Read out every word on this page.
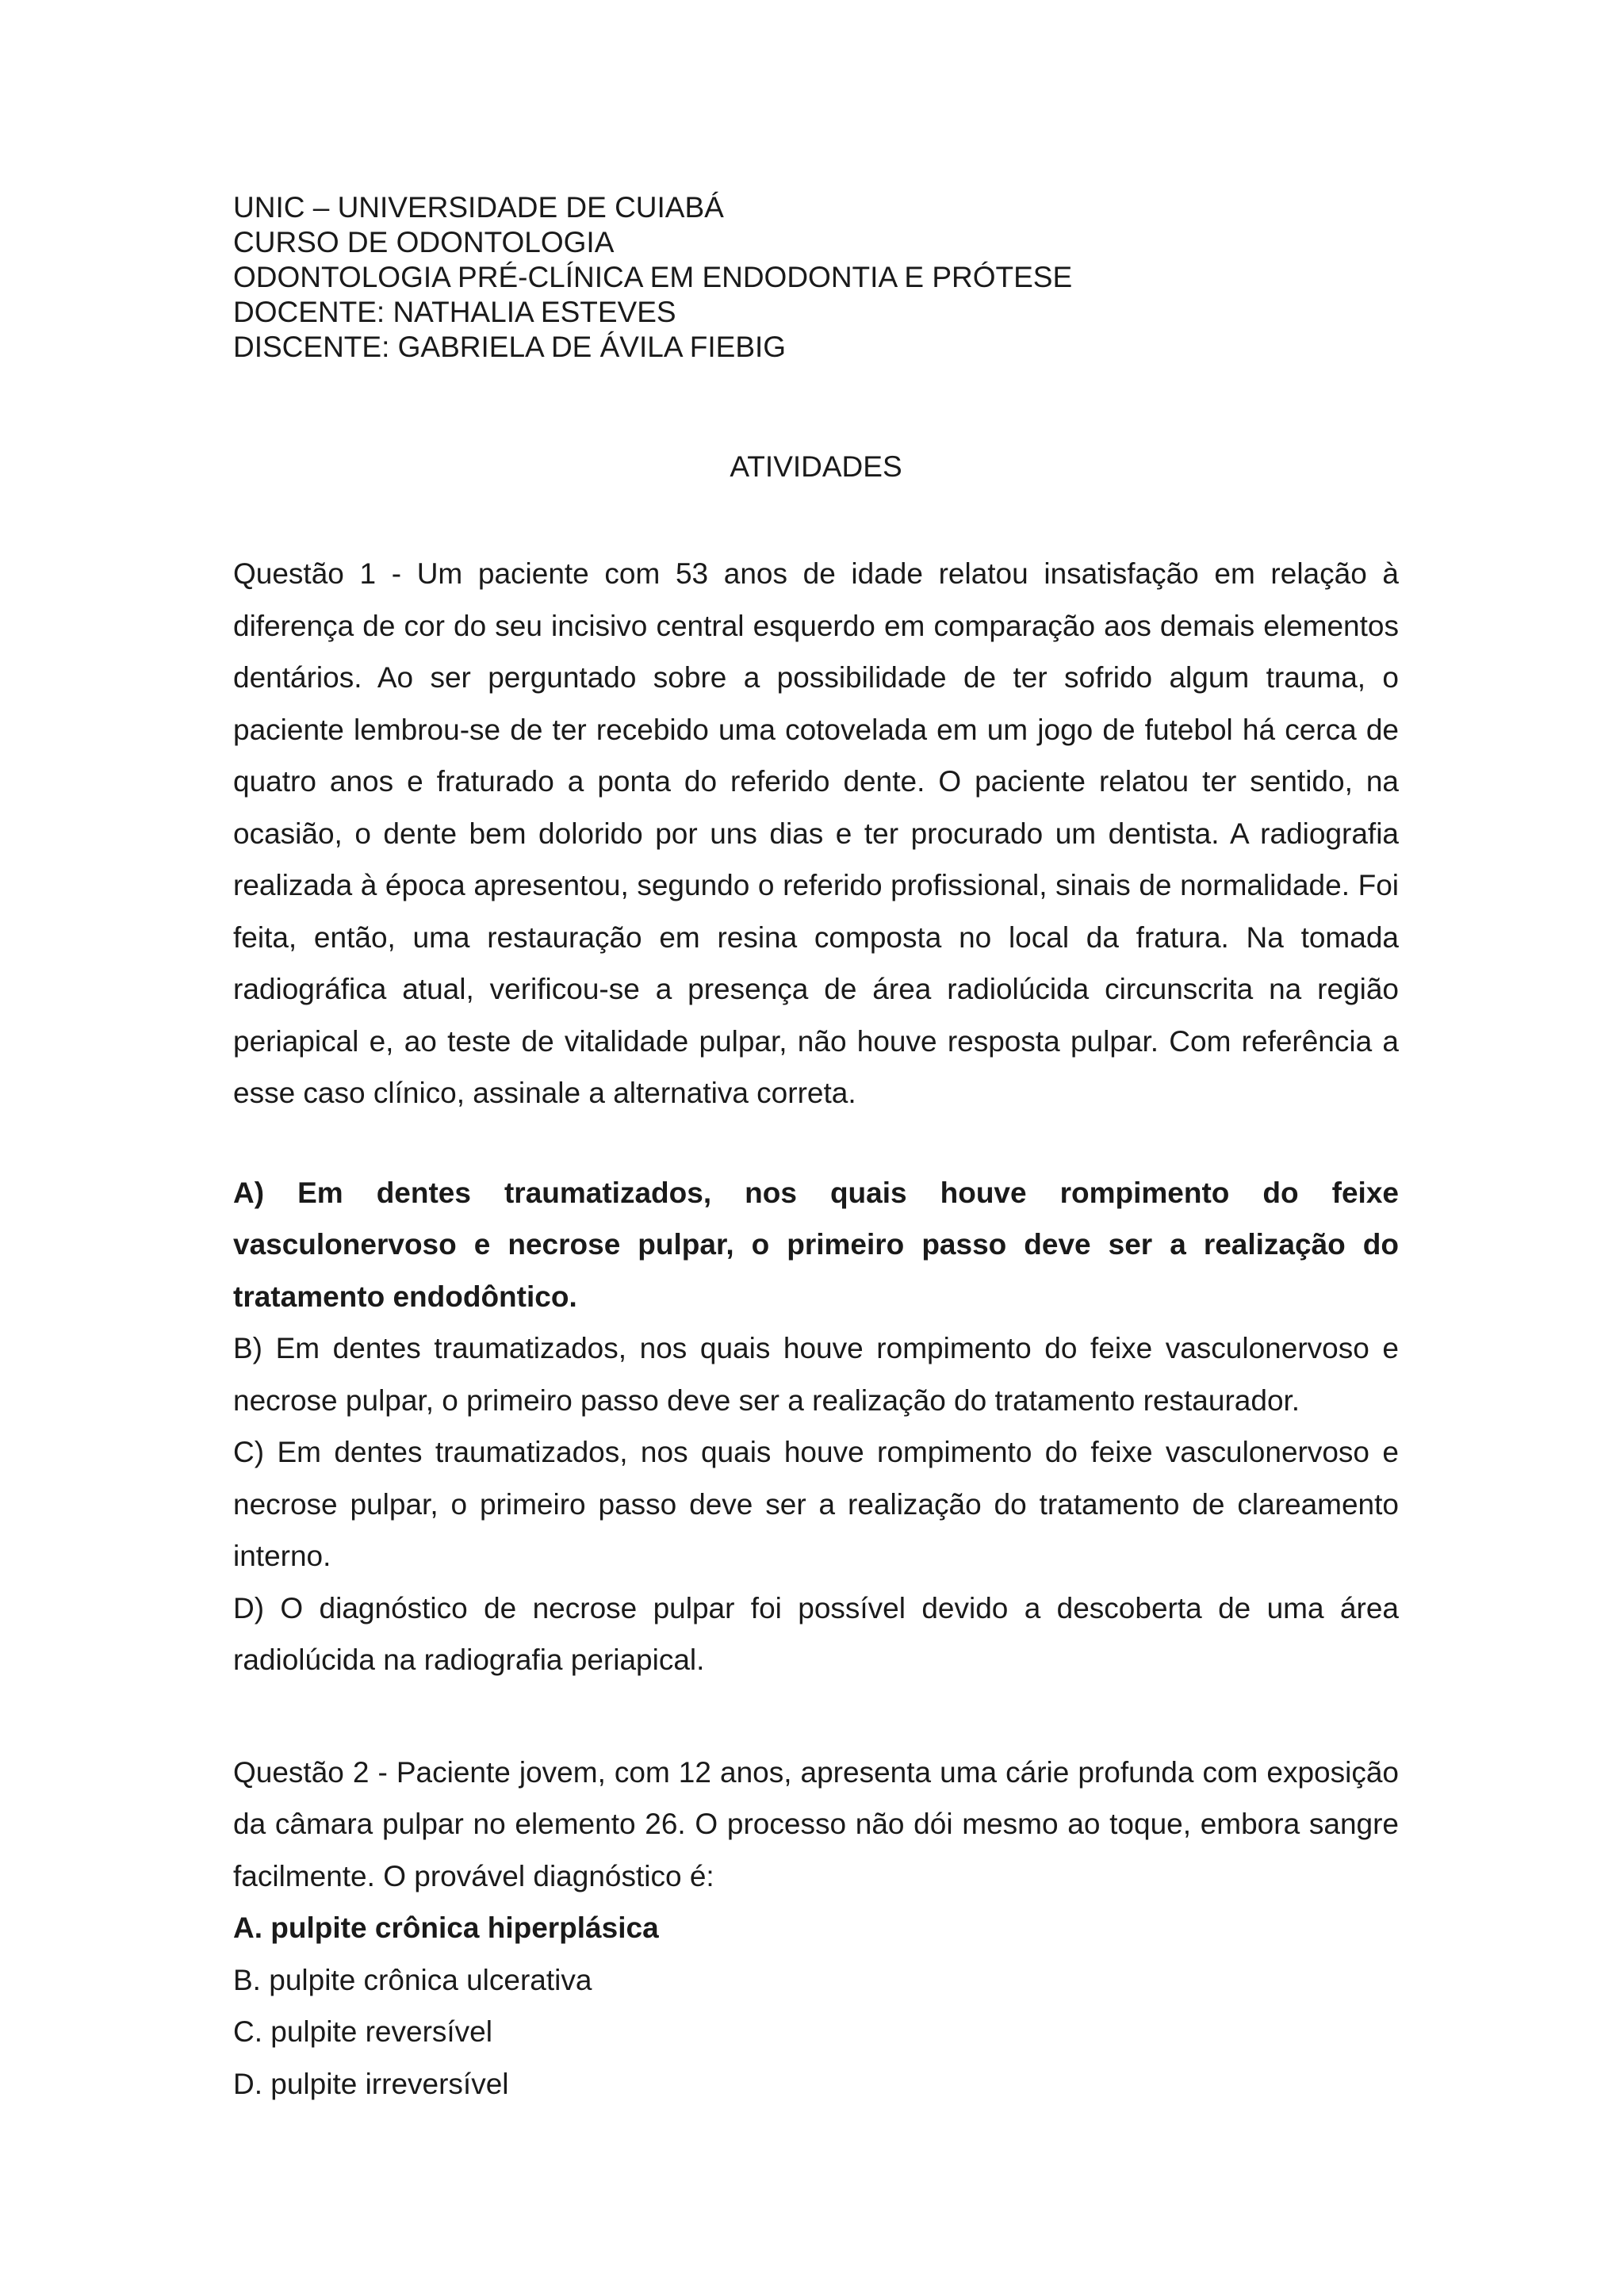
UNIC – UNIVERSIDADE DE CUIABÁ

CURSO DE ODONTOLOGIA

ODONTOLOGIA PRÉ-CLÍNICA EM ENDODONTIA E PRÓTESE

DOCENTE: NATHALIA ESTEVES

DISCENTE: GABRIELA DE ÁVILA FIEBIG

ATIVIDADES

Questão 1 - Um paciente com 53 anos de idade relatou insatisfação em relação à diferença de cor do seu incisivo central esquerdo em comparação aos demais elementos dentários. Ao ser perguntado sobre a possibilidade de ter sofrido algum trauma, o paciente lembrou-se de ter recebido uma cotovelada em um jogo de futebol há cerca de quatro anos e fraturado a ponta do referido dente. O paciente relatou ter sentido, na ocasião, o dente bem dolorido por uns dias e ter procurado um dentista. A radiografia realizada à época apresentou, segundo o referido profissional, sinais de normalidade. Foi feita, então, uma restauração em resina composta no local da fratura. Na tomada radiográfica atual, verificou-se a presença de área radiolúcida circunscrita na região periapical e, ao teste de vitalidade pulpar, não houve resposta pulpar. Com referência a esse caso clínico, assinale a alternativa correta.

A) Em dentes traumatizados, nos quais houve rompimento do feixe vasculonervoso e necrose pulpar, o primeiro passo deve ser a realização do tratamento endodôntico.

B) Em dentes traumatizados, nos quais houve rompimento do feixe vasculonervoso e necrose pulpar, o primeiro passo deve ser a realização do tratamento restaurador.

C) Em dentes traumatizados, nos quais houve rompimento do feixe vasculonervoso e necrose pulpar, o primeiro passo deve ser a realização do tratamento de clareamento interno.

D) O diagnóstico de necrose pulpar foi possível devido a descoberta de uma área radiolúcida na radiografia periapical.

Questão 2 - Paciente jovem, com 12 anos, apresenta uma cárie profunda com exposição da câmara pulpar no elemento 26. O processo não dói mesmo ao toque, embora sangre facilmente. O provável diagnóstico é:

A. pulpite crônica hiperplásica

B. pulpite crônica ulcerativa

C. pulpite reversível

D. pulpite irreversível
